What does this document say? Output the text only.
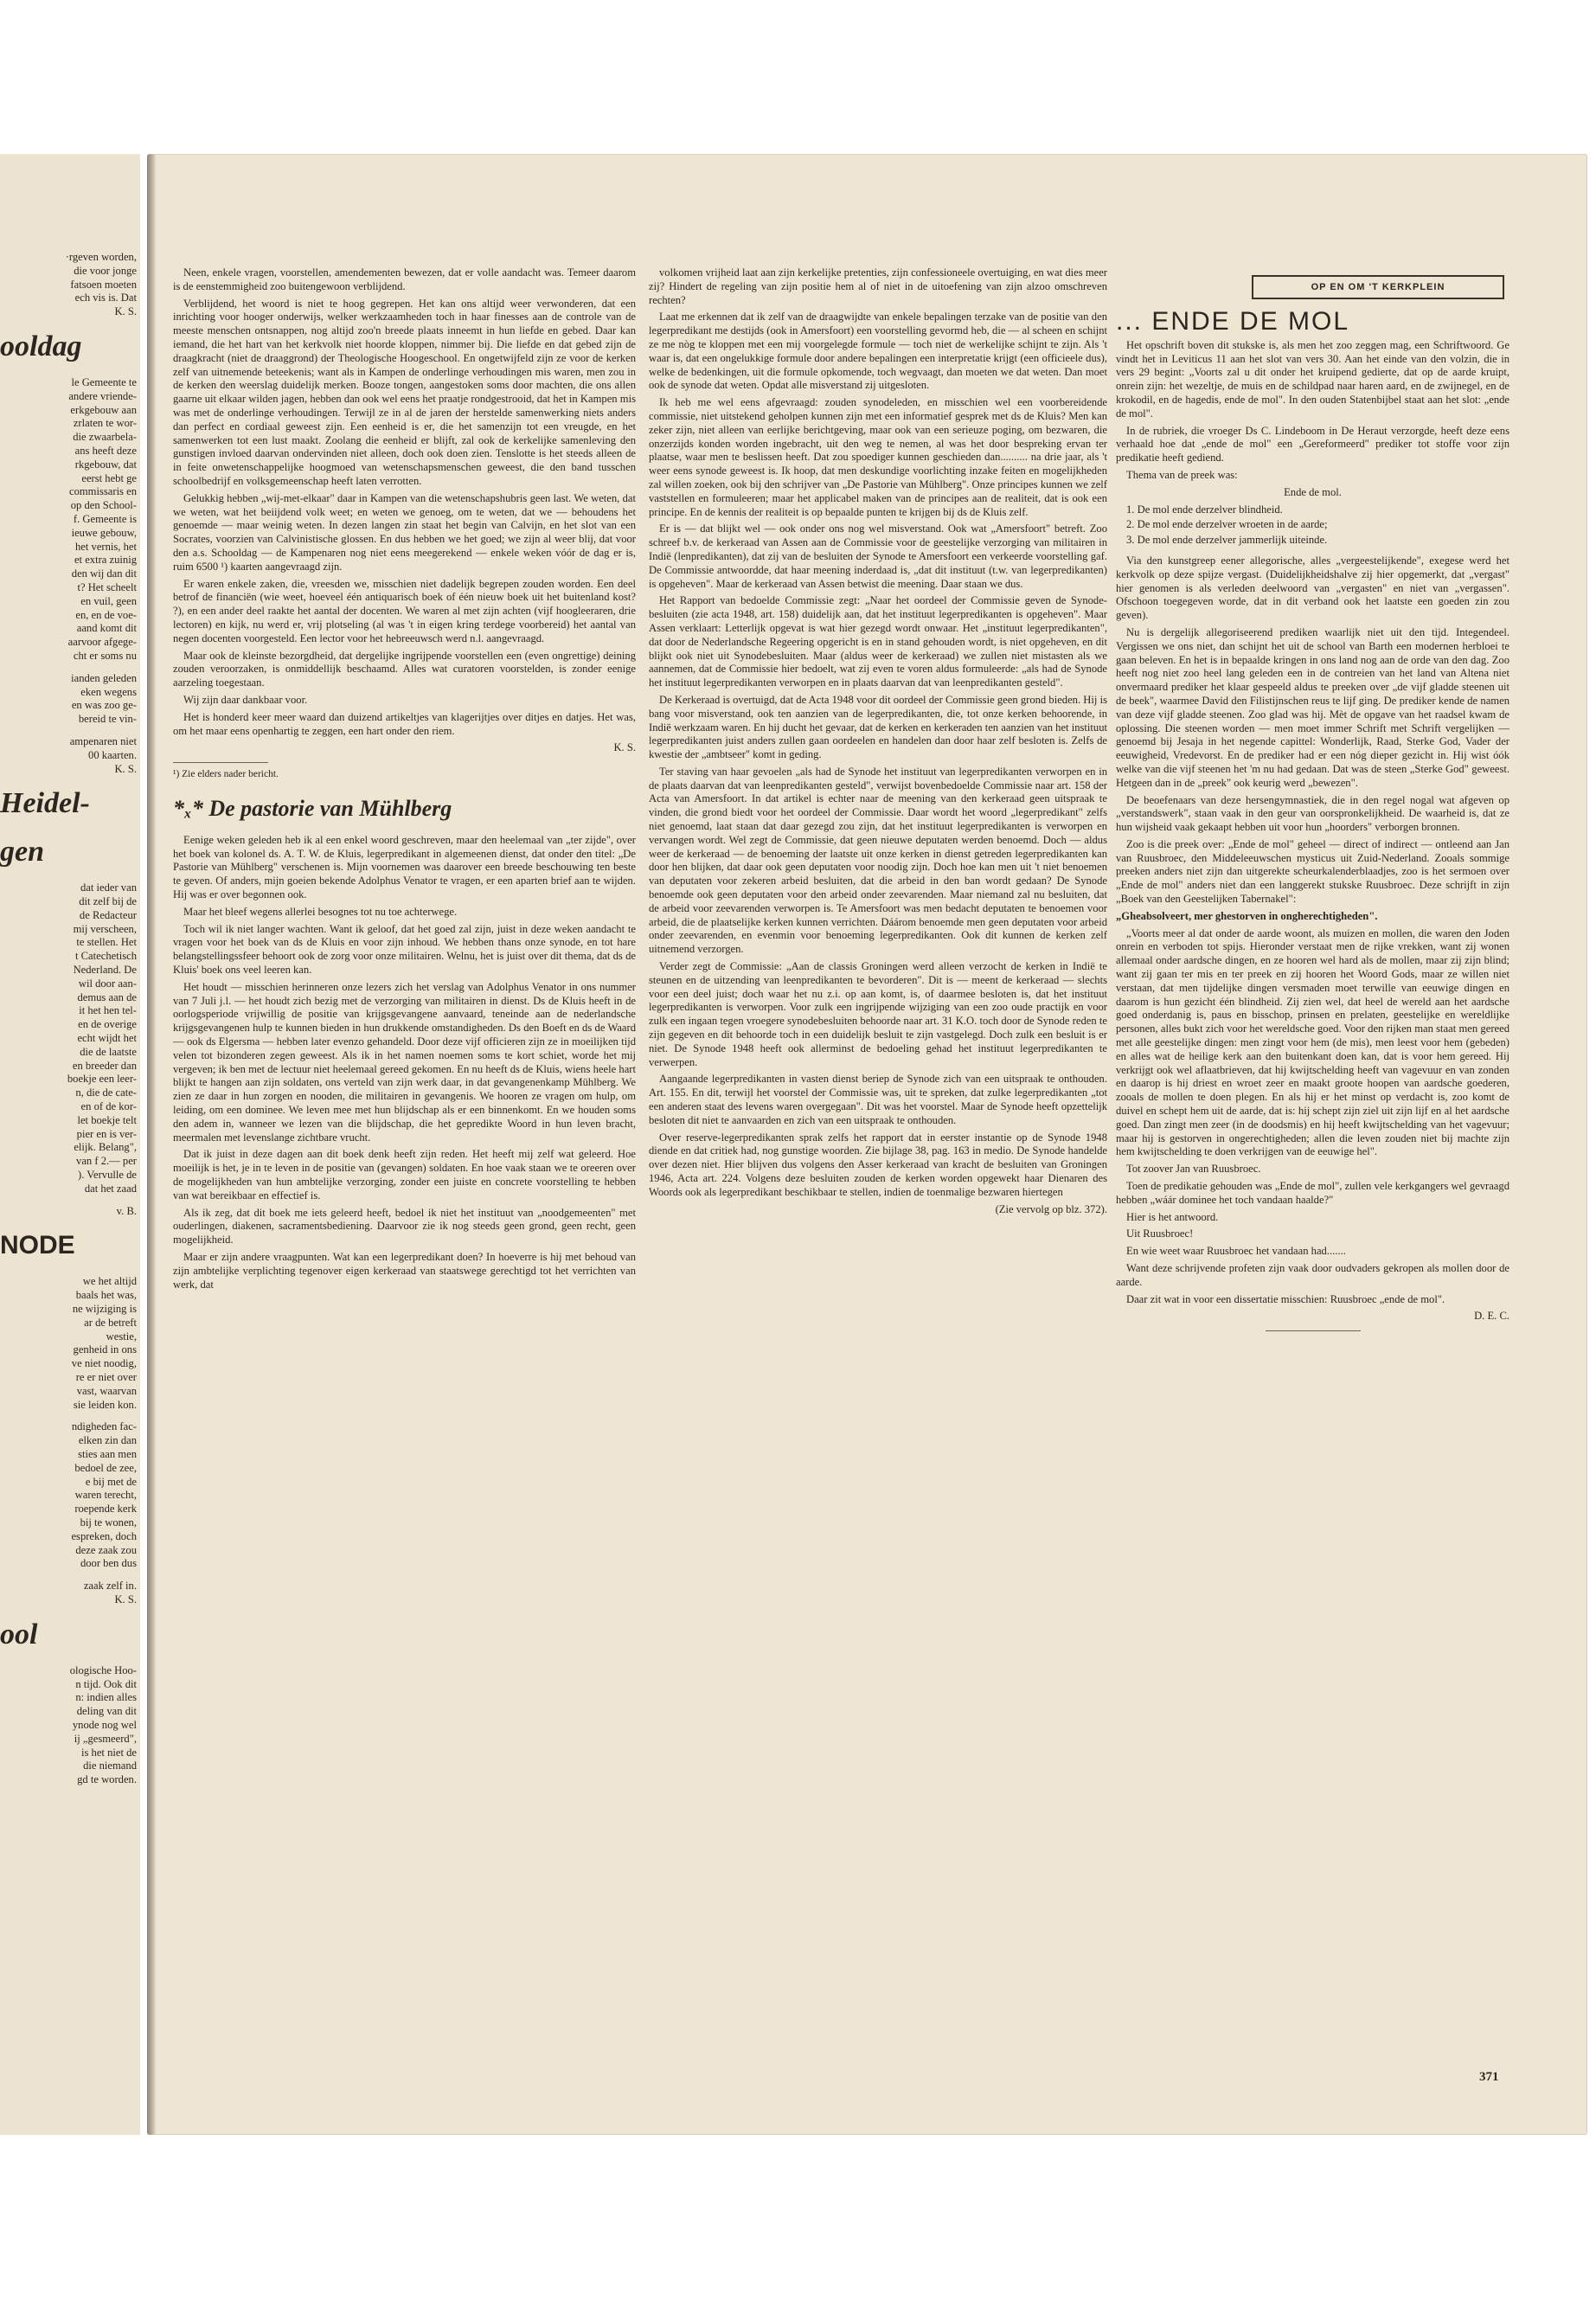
·rgeven worden,
die voor jonge
fatsoen moeten
ech vis is. Dat
K. S.
ooldag
le Gemeente te
andere vriende-
erkgebouw aan
zrlaten te wor-
die zwaarbela-
ans heeft deze
rkgebouw, dat
eerst hebt ge
commissaris en
op den School-
f. Gemeente is
ieuwe gebouw,
het vernis, het
et extra zuinig
den wij dan dit
t? Het scheelt
en vuil, geen
en, en de voe-
aand komt dit
aarvoor afgege-
cht er soms nu
ianden geleden
eken wegens
en was zoo ge-
bereid te vin-
ampenaren niet
00 kaarten.
K. S.
Heidel-
gen
dat ieder van
dit zelf bij de
de Redacteur
mij verscheen,
te stellen. Het
t Catechetisch
Nederland. De
wil door aan-
demus aan de
it het hen tel-
en de overige
echt wijdt het
die de laatste
en breeder dan
boekje een leer-
n, die de cate-
en of de kor-
let boekje telt
pier en is ver-
elijk. Belang",
van f 2.— per
). Vervulle de
dat het zaad
v. B.
NODE
we het altijd
baals het was,
ne wijziging is
ar de betreft
westie,
genheid in ons
ve niet noodig,
re er niet over
vast, waarvan
sie leiden kon.
ndigheden fac-
elken zin dan
sties aan men
bedoel de zee,
e bij met de
waren terecht,
roepende kerk
bij te wonen,
espreken, doch
deze zaak zou
door ben dus
zaak zelf in.
K. S.
ool
ologische Hoo-
n tijd. Ook dit
n: indien alles
deling van dit
ynode nog wel
ij „gesmeerd",
is het niet de
die niemand
gd te worden.

Neen, enkele vragen, voorstellen, amendementen bewezen, dat er volle aandacht was. Temeer daarom is de eenstemmigheid zoo buitengewoon verblijdend.

Verblijdend, het woord is niet te hoog gegrepen. Het kan ons altijd weer verwonderen, dat een inrichting voor hooger onderwijs, welker werkzaamheden toch in haar finesses aan de controle van de meeste menschen ontsnappen, nog altijd zoo'n breede plaats inneemt in hun liefde en gebed. Daar kan iemand, die het hart van het kerkvolk niet hoorde kloppen, nimmer bij. Die liefde en dat gebed zijn de draagkracht (niet de draaggrond) der Theologische Hoogeschool. En ongetwijfeld zijn ze voor de kerken zelf van uitnemende beteekenis; want als in Kampen de onderlinge verhoudingen mis waren, men zou in de kerken den weerslag duidelijk merken. Booze tongen, aangestoken soms door machten, die ons allen gaarne uit elkaar wilden jagen, hebben dan ook wel eens het praatje rondgestrooid, dat het in Kampen mis was met de onderlinge verhoudingen. Terwijl ze in al de jaren der herstelde samenwerking niets anders dan perfect en cordiaal geweest zijn. Een eenheid is er, die het samenzijn tot een vreugde, en het samenwerken tot een lust maakt. Zoolang die eenheid er blijft, zal ook de kerkelijke samenleving den gunstigen invloed daarvan ondervinden niet alleen, doch ook doen zien. Tenslotte is het steeds alleen de in feite onwetenschappelijke hoogmoed van wetenschapsmenschen geweest, die den band tusschen schoolbedrijf en volksgemeenschap heeft laten verrotten.

Gelukkig hebben „wij-met-elkaar" daar in Kampen van die wetenschapshubris geen last. We weten, dat we weten, wat het beiijdend volk weet; en weten we genoeg, om te weten, dat we — behoudens het genoemde — maar weinig weten. In dezen langen zin staat het begin van Calvijn, en het slot van een Socrates, voorzien van Calvinistische glossen. En dus hebben we het goed; we zijn al weer blij, dat voor den a.s. Schooldag — de Kampenaren nog niet eens meegerekend — enkele weken vóór de dag er is, ruim 6500 ¹) kaarten aangevraagd zijn.

Er waren enkele zaken, die, vreesden we, misschien niet dadelijk begrepen zouden worden. Een deel betrof de financiën (wie weet, hoeveel één antiquarisch boek of één nieuw boek uit het buitenland kost? ?), en een ander deel raakte het aantal der docenten. We waren al met zijn achten (vijf hoogleeraren, drie lectoren) en kijk, nu werd er, vrij plotseling (al was 't in eigen kring terdege voorbereid) het aantal van negen docenten voorgesteld. Een lector voor het hebreeuwsch werd n.l. aangevraagd.

Maar ook de kleinste bezorgdheid, dat dergelijke ingrijpende voorstellen een (even ongrettige) deining zouden veroorzaken, is onmiddellijk beschaamd. Alles wat curatoren voorstelden, is zonder eenige aarzeling toegestaan.

Wij zijn daar dankbaar voor.

Het is honderd keer meer waard dan duizend artikeltjes van klagerijtjes over ditjes en datjes. Het was, om het maar eens openhartig te zeggen, een hart onder den riem.

K. S.
¹) Zie elders nader bericht.
*ₓ* De pastorie van Mühlberg

Eenige weken geleden heb ik al een enkel woord geschreven, maar den heelemaal van „ter zijde", over het boek van kolonel ds. A. T. W. de Kluis, legerpredikant in algemeenen dienst, dat onder den titel: „De Pastorie van Mühlberg" verschenen is. Mijn voornemen was daarover een breede beschouwing ten beste te geven. Of anders, mijn goeien bekende Adolphus Venator te vragen, er een aparten brief aan te wijden. Hij was er over begonnen ook.

Maar het bleef wegens allerlei besognes tot nu toe achterwege.

Toch wil ik niet langer wachten. Want ik geloof, dat het goed zal zijn, juist in deze weken aandacht te vragen voor het boek van ds de Kluis en voor zijn inhoud. We hebben thans onze synode, en tot hare belangstellingssfeer behoort ook de zorg voor onze militairen. Welnu, het is juist over dit thema, dat ds de Kluis' boek ons veel leeren kan.

Het houdt — misschien herinneren onze lezers zich het verslag van Adolphus Venator in ons nummer van 7 Juli j.l. — het houdt zich bezig met de verzorging van militairen in dienst. Ds de Kluis heeft in de oorlogsperiode vrijwillig de positie van krijgsgevangene aanvaard, teneinde aan de nederlandsche krijgsgevangenen hulp te kunnen bieden in hun drukkende omstandigheden. Ds den Boeft en ds de Waard — ook ds Elgersma — hebben later evenzo gehandeld. Door deze vijf officieren zijn ze in moeilijken tijd velen tot bizonderen zegen geweest. Als ik in het namen noemen soms te kort schiet, worde het mij vergeven; ik ben met de lectuur niet heelemaal gereed gekomen. En nu heeft ds de Kluis, wiens heele hart blijkt te hangen aan zijn soldaten, ons verteld van zijn werk daar, in dat gevangenenkamp Mühlberg. We zien ze daar in hun zorgen en nooden, die militairen in gevangenis. We hooren ze vragen om hulp, om leiding, om een dominee. We leven mee met hun blijdschap als er een binnenkomt. En we houden soms den adem in, wanneer we lezen van die blijdschap, die het gepredikte Woord in hun leven bracht, meermalen met levenslange zichtbare vrucht.

Dat ik juist in deze dagen aan dit boek denk heeft zijn reden. Het heeft mij zelf wat geleerd. Hoe moeilijk is het, je in te leven in de positie van (gevangen) soldaten. En hoe vaak staan we te oreeren over de mogelijkheden van hun ambtelijke verzorging, zonder een juiste en concrete voorstelling te hebben van wat bereikbaar en effectief is.

Als ik zeg, dat dit boek me iets geleerd heeft, bedoel ik niet het instituut van „noodgemeenten" met ouderlingen, diakenen, sacramentsbediening. Daarvoor zie ik nog steeds geen grond, geen recht, geen mogelijkheid.

Maar er zijn andere vraagpunten. Wat kan een legerpredikant doen? In hoeverre is hij met behoud van zijn ambtelijke verplichting tegenover eigen kerkeraad van staatswege gerechtigd tot het verrichten van werk, dat

volkomen vrijheid laat aan zijn kerkelijke pretenties, zijn confessioneele overtuiging, en wat dies meer zij? Hindert de regeling van zijn positie hem al of niet in de uitoefening van zijn alzoo omschreven rechten?

Laat me erkennen dat ik zelf van de draagwijdte van enkele bepalingen terzake van de positie van den legerpredikant me destijds (ook in Amersfoort) een voorstelling gevormd heb, die — al scheen en schijnt ze me nòg te kloppen met een mij voorgelegde formule — toch niet de werkelijke schijnt te zijn. Als 't waar is, dat een ongelukkige formule door andere bepalingen een interpretatie krijgt (een officieele dus), welke de bedenkingen, uit die formule opkomende, toch wegvaagt, dan moeten we dat weten. Dan moet ook de synode dat weten. Opdat alle misverstand zij uitgesloten.

Ik heb me wel eens afgevraagd: zouden synodeleden, en misschien wel een voorbereidende commissie, niet uitstekend geholpen kunnen zijn met een informatief gesprek met ds de Kluis? Men kan zeker zijn, niet alleen van eerlijke berichtgeving, maar ook van een serieuze poging, om bezwaren, die onzerzijds konden worden ingebracht, uit den weg te nemen, al was het door bespreking ervan ter plaatse, waar men te beslissen heeft. Dat zou spoediger kunnen geschieden dan.......... na drie jaar, als 't weer eens synode geweest is. Ik hoop, dat men deskundige voorlichting inzake feiten en mogelijkheden zal willen zoeken, ook bij den schrijver van „De Pastorie van Mühlberg". Onze principes kunnen we zelf vaststellen en formuleeren; maar het applicabel maken van de principes aan de realiteit, dat is ook een principe. En de kennis der realiteit is op bepaalde punten te krijgen bij ds de Kluis zelf.

Er is — dat blijkt wel — ook onder ons nog wel misverstand. Ook wat „Amersfoort" betreft. Zoo schreef b.v. de kerkeraad van Assen aan de Commissie voor de geestelijke verzorging van militairen in Indië (lenpredikanten), dat zij van de besluiten der Synode te Amersfoort een verkeerde voorstelling gaf. De Commissie antwoordde, dat haar meening inderdaad is, „dat dit instituut (t.w. van legerpredikanten) is opgeheven". Maar de kerkeraad van Assen betwist die meening. Daar staan we dus.

Het Rapport van bedoelde Commissie zegt: „Naar het oordeel der Commissie geven de Synode-besluiten (zie acta 1948, art. 158) duidelijk aan, dat het instituut legerpredikanten is opgeheven". Maar Assen verklaart: Letterlijk opgevat is wat hier gezegd wordt onwaar. Het „instituut legerpredikanten", dat door de Nederlandsche Regeering opgericht is en in stand gehouden wordt, is niet opgeheven, en dit blijkt ook niet uit Synodebesluiten. Maar (aldus weer de kerkeraad) we zullen niet mistasten als we aannemen, dat de Commissie hier bedoelt, wat zij even te voren aldus formuleerde: „als had de Synode het instituut legerpredikanten verworpen en in plaats daarvan dat van leenpredikanten gesteld".

De Kerkeraad is overtuigd, dat de Acta 1948 voor dit oordeel der Commissie geen grond bieden. Hij is bang voor misverstand, ook ten aanzien van de legerpredikanten, die, tot onze kerken behoorende, in Indië werkzaam waren. En hij ducht het gevaar, dat de kerken en kerkeraden ten aanzien van het instituut legerpredikanten juist anders zullen gaan oordeelen en handelen dan door haar zelf besloten is. Zelfs de kwestie der „ambtseer" komt in geding.

Ter staving van haar gevoelen „als had de Synode het instituut van legerpredikanten verworpen en in de plaats daarvan dat van leenpredikanten gesteld", verwijst bovenbedoelde Commissie naar art. 158 der Acta van Amersfoort. In dat artikel is echter naar de meening van den kerkeraad geen uitspraak te vinden, die grond biedt voor het oordeel der Commissie. Daar wordt het woord „legerpredikant" zelfs niet genoemd, laat staan dat daar gezegd zou zijn, dat het instituut legerpredikanten is verworpen en vervangen wordt. Wel zegt de Commissie, dat geen nieuwe deputaten werden benoemd. Doch — aldus weer de kerkeraad — de benoeming der laatste uit onze kerken in dienst getreden legerpredikanten kan door hen blijken, dat daar ook geen deputaten voor noodig zijn. Doch hoe kan men uit 't niet benoemen van deputaten voor zekeren arbeid besluiten, dat die arbeid in den ban wordt gedaan? De Synode benoemde ook geen deputaten voor den arbeid onder zeevarenden. Maar niemand zal nu besluiten, dat de arbeid voor zeevarenden verworpen is. Te Amersfoort was men bedacht deputaten te benoemen voor arbeid, die de plaatselijke kerken kunnen verrichten. Dáárom benoemde men geen deputaten voor arbeid onder zeevarenden, en evenmin voor benoeming legerpredikanten. Ook dit kunnen de kerken zelf uitnemend verzorgen.

Verder zegt de Commissie: „Aan de classis Groningen werd alleen verzocht de kerken in Indië te steunen en de uitzending van leenpredikanten te bevorderen". Dit is — meent de kerkeraad — slechts voor een deel juist; doch waar het nu z.i. op aan komt, is, of daarmee besloten is, dat het instituut legerpredikanten is verworpen. Voor zulk een ingrijpende wijziging van een zoo oude practijk en voor zulk een ingaan tegen vroegere synodebesluiten behoorde naar art. 31 K.O. toch door de Synode reden te zijn gegeven en dit behoorde toch in een duidelijk besluit te zijn vastgelegd. Doch zulk een besluit is er niet. De Synode 1948 heeft ook allerminst de bedoeling gehad het instituut legerpredikanten te verwerpen.

Aangaande legerpredikanten in vasten dienst beriep de Synode zich van een uitspraak te onthouden. Art. 155. En dit, terwijl het voorstel der Commissie was, uit te spreken, dat zulke legerpredikanten „tot een anderen staat des levens waren overgegaan". Dit was het voorstel. Maar de Synode heeft opzettelijk besloten dit niet te aanvaarden en zich van een uitspraak te onthouden.

Over reserve-legerpredikanten sprak zelfs het rapport dat in eerster instantie op de Synode 1948 diende en dat critiek had, nog gunstige woorden. Zie bijlage 38, pag. 163 in medio. De Synode handelde over dezen niet. Hier blijven dus volgens den Asser kerkeraad van kracht de besluiten van Groningen 1946, Acta art. 224. Volgens deze besluiten zouden de kerken worden opgewekt haar Dienaren des Woords ook als legerpredikant beschikbaar te stellen, indien de toenmalige bezwaren hiertegen

(Zie vervolg op blz. 372).
OP EN OM 'T KERKPLEIN
... ENDE DE MOL

Het opschrift boven dit stukske is, als men het zoo zeggen mag, een Schriftwoord. Ge vindt het in Leviticus 11 aan het slot van vers 30. Aan het einde van den volzin, die in vers 29 begint: „Voorts zal u dit onder het kruipend gedierte, dat op de aarde kruipt, onrein zijn: het wezeltje, de muis en de schildpad naar haren aard, en de zwijnegel, en de krokodil, en de hagedis, ende de mol". In den ouden Statenbijbel staat aan het slot: „ende de mol".

In de rubriek, die vroeger Ds C. Lindeboom in De Heraut verzorgde, heeft deze eens verhaald hoe dat „ende de mol" een „Gereformeerd" prediker tot stoffe voor zijn predikatie heeft gediend.

Thema van de preek was:

Ende de mol.

1. De mol ende derzelver blindheid.
2. De mol ende derzelver wroeten in de aarde;
3. De mol ende derzelver jammerlijk uiteinde.

Via den kunstgreep eener allegorische, alles „vergeestelijkende", exegese werd het kerkvolk op deze spijze vergast. (Duidelijkheidshalve zij hier opgemerkt, dat „vergast" hier genomen is als verleden deelwoord van „vergasten" en niet van „vergassen". Ofschoon toegegeven worde, dat in dit verband ook het laatste een goeden zin zou geven).

Nu is dergelijk allegoriseerend prediken waarlijk niet uit den tijd. Integendeel. Vergissen we ons niet, dan schijnt het uit de school van Barth een modernen herbloei te gaan beleven. En het is in bepaalde kringen in ons land nog aan de orde van den dag. Zoo heeft nog niet zoo heel lang geleden een in de contreien van het land van Altena niet onvermaard prediker het klaar gespeeld aldus te preeken over „de vijf gladde steenen uit de beek", waarmee David den Filistijnschen reus te lijf ging. De prediker kende de namen van deze vijf gladde steenen. Zoo glad was hij. Mèt de opgave van het raadsel kwam de oplossing. Die steenen worden — men moet immer Schrift met Schrift vergelijken — genoemd bij Jesaja in het negende capittel: Wonderlijk, Raad, Sterke God, Vader der eeuwigheid, Vredevorst. En de prediker had er een nóg dieper gezicht in. Hij wist óók welke van die vijf steenen het 'm nu had gedaan. Dat was de steen „Sterke God" geweest. Hetgeen dan in de „preek" ook keurig werd „bewezen".

De beoefenaars van deze hersengymnastiek, die in den regel nogal wat afgeven op „verstandswerk", staan vaak in den geur van oorspronkelijkheid. De waarheid is, dat ze hun wijsheid vaak gekaapt hebben uit voor hun „hoorders" verborgen bronnen.

Zoo is die preek over: „Ende de mol" geheel — direct of indirect — ontleend aan Jan van Ruusbroec, den Middeleeuwschen mysticus uit Zuid-Nederland. Zooals sommige preeken anders niet zijn dan uitgerekte scheurkalenderblaadjes, zoo is het sermoen over „Ende de mol" anders niet dan een langgerekt stukske Ruusbroec. Deze schrijft in zijn „Boek van den Geestelijken Tabernakel":

„Gheabsolveert, mer ghestorven in ongherechtigheden".

„Voorts meer al dat onder de aarde woont, als muizen en mollen, die waren den Joden onrein en verboden tot spijs. Hieronder verstaat men de rijke vrekken, want zij wonen allemaal onder aardsche dingen, en ze hooren wel hard als de mollen, maar zij zijn blind; want zij gaan ter mis en ter preek en zij hooren het Woord Gods, maar ze willen niet verstaan, dat men tijdelijke dingen versmaden moet terwille van eeuwige dingen en daarom is hun gezicht één blindheid. Zij zien wel, dat heel de wereld aan het aardsche goed onderdanig is, paus en bisschop, prinsen en prelaten, geestelijke en wereldlijke personen, alles bukt zich voor het wereldsche goed. Voor den rijken man staat men gereed met alle geestelijke dingen: men zingt voor hem (de mis), men leest voor hem (gebeden) en alles wat de heilige kerk aan den buitenkant doen kan, dat is voor hem gereed. Hij verkrijgt ook wel aflaatbrieven, dat hij kwijtschelding heeft van vagevuur en van zonden en daarop is hij driest en wroet zeer en maakt groote hoopen van aardsche goederen, zooals de mollen te doen plegen. En als hij er het minst op verdacht is, zoo komt de duivel en schept hem uit de aarde, dat is: hij schept zijn ziel uit zijn lijf en al het aardsche goed. Dan zingt men zeer (in de doodsmis) en hij heeft kwijtschelding van het vagevuur; maar hij is gestorven in ongerechtigheden; allen die leven zouden niet bij machte zijn hem kwijtschelding te doen verkrijgen van de eeuwige hel".

Tot zoover Jan van Ruusbroec.

Toen de predikatie gehouden was „Ende de mol", zullen vele kerkgangers wel gevraagd hebben „wáár dominee het toch vandaan haalde?"

Hier is het antwoord.

Uit Ruusbroec!

En wie weet waar Ruusbroec het vandaan had.......

Want deze schrijvende profeten zijn vaak door oudvaders gekropen als mollen door de aarde.

Daar zit wat in voor een dissertatie misschien: Ruusbroec „ende de mol".

D. E. C.
371
